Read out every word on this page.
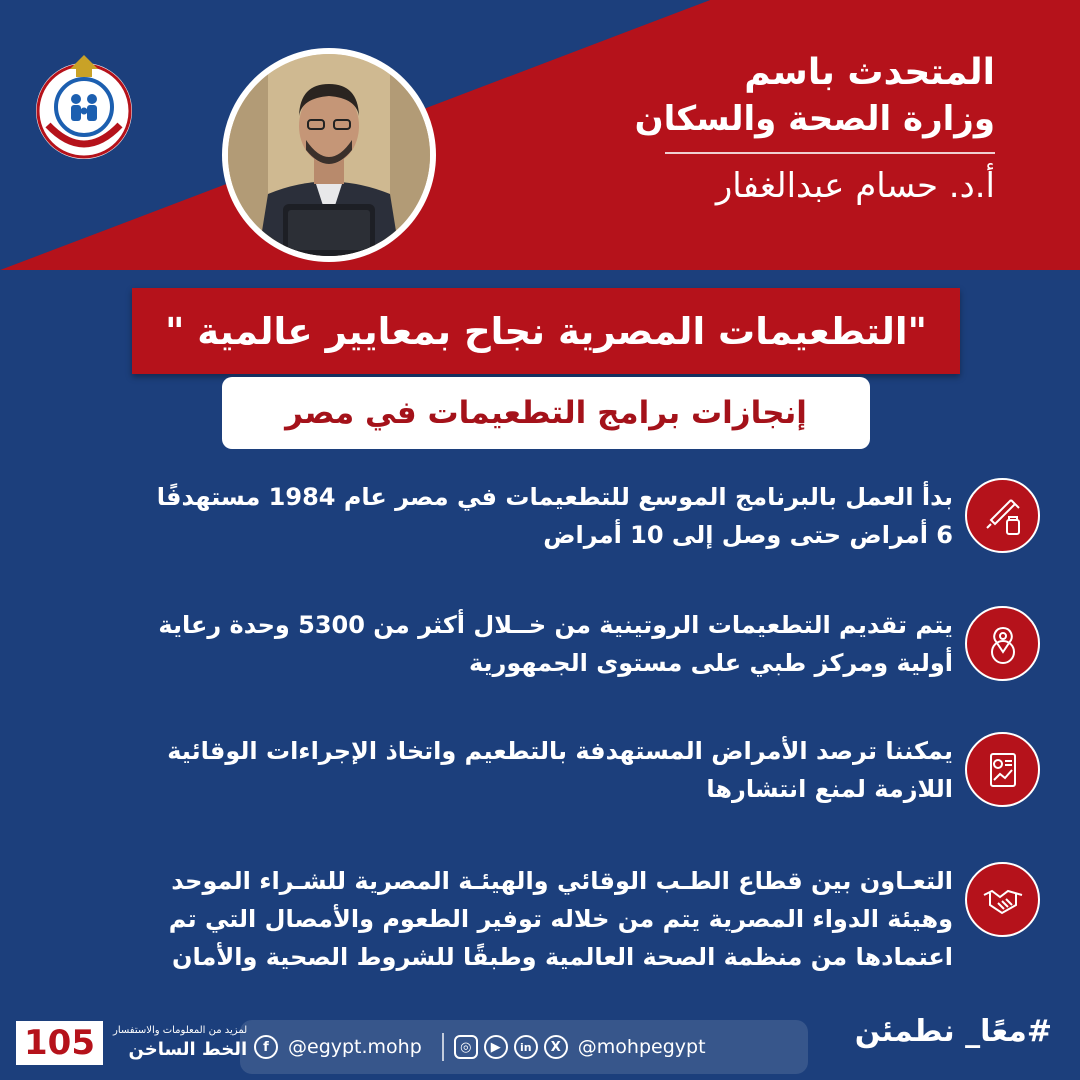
المتحدث باسم
وزارة الصحة والسكان
أ.د. حسام عبدالغفار
"التطعيمات المصرية نجاح بمعايير عالمية "
إنجازات برامج التطعيمات في مصر
بدأ العمل بالبرنامج الموسع للتطعيمات في مصر عام 1984 مستهدفًا
6 أمراض حتى وصل إلى 10 أمراض
يتم تقديم التطعيمات الروتينية من خــلال أكثر من 5300 وحدة رعاية
أولية ومركز طبي على مستوى الجمهورية
يمكننا ترصد الأمراض المستهدفة بالتطعيم واتخاذ الإجراءات الوقائية
اللازمة لمنع انتشارها
التعـاون بين قطاع الطـب الوقائي والهيئـة المصرية للشـراء الموحد
وهيئة الدواء المصرية يتم من خلاله توفير الطعوم والأمصال التي تم
اعتمادها من منظمة الصحة العالمية وطبقًا للشروط الصحية والأمان
105	لمزيد من المعلومات والاستفسار
الخط الساخن	f	@egypt.mohp	◎	▶	in	X @mohpegypt	#معًا_ نطمئن
